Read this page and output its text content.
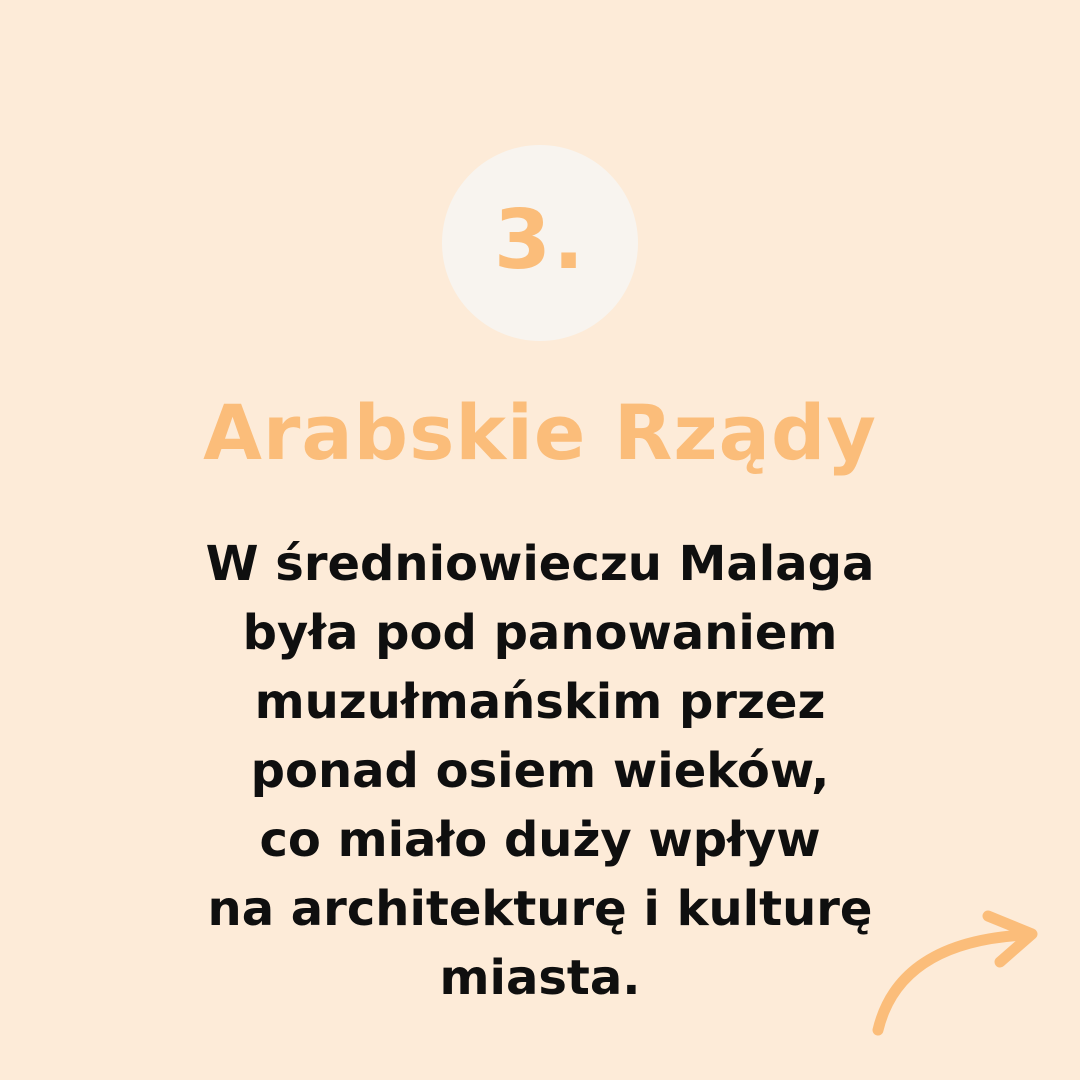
3.
Arabskie Rządy

W średniowieczu Malaga
była pod panowaniem
muzułmańskim przez
ponad osiem wieków,
co miało duży wpływ
na architekturę i kulturę
miasta.
